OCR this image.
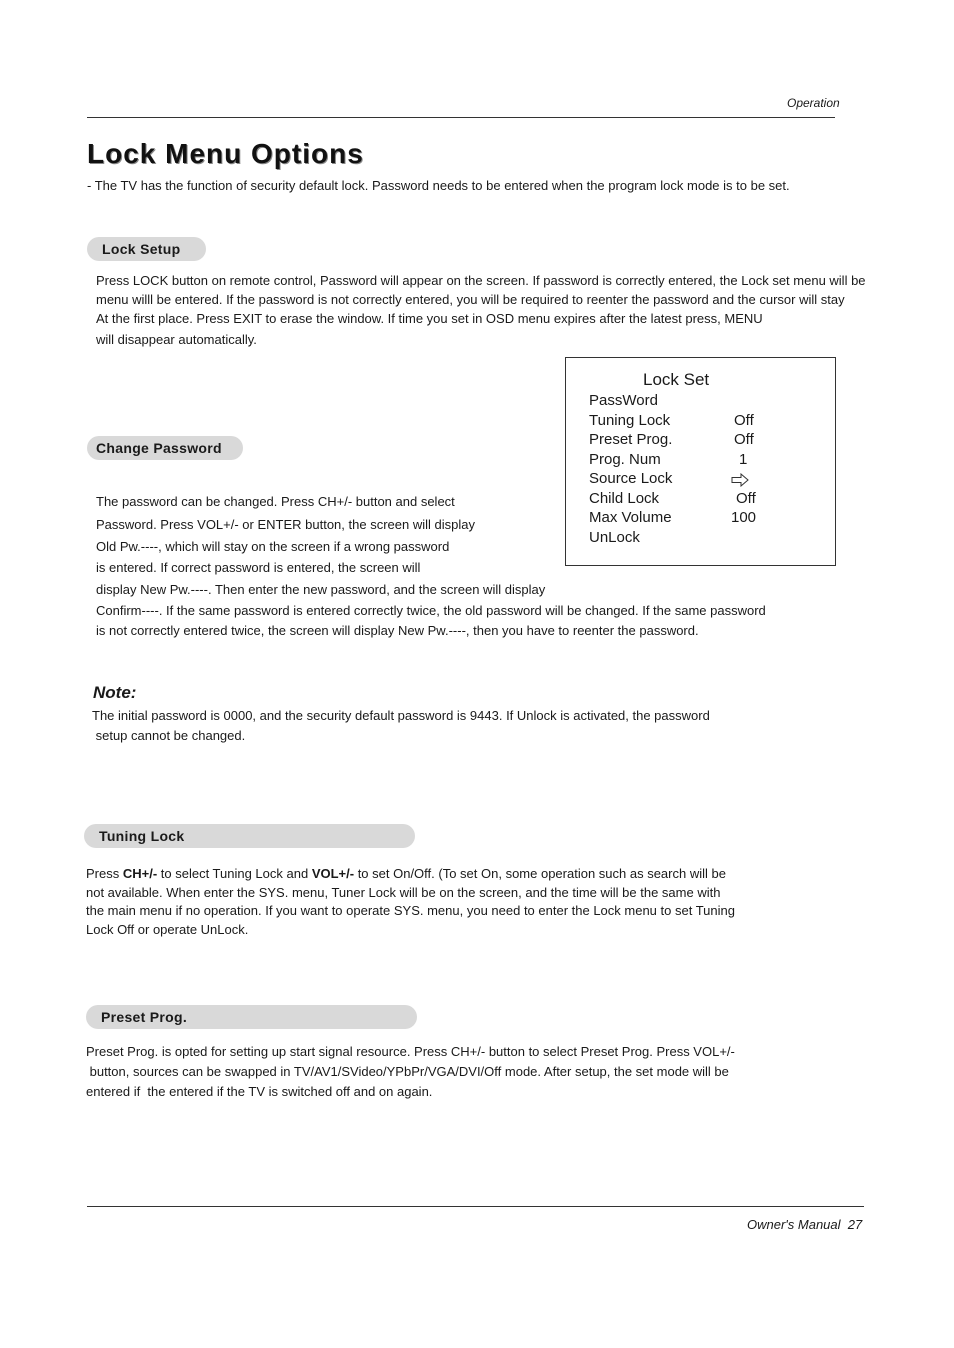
Operation
Lock Menu Options
- The TV has the function of security default lock. Password needs to be entered when the program lock mode is to be set.
Lock Setup
Press LOCK button on remote control, Password will appear on the screen. If password is correctly entered, the Lock set menu will be
menu willl be entered. If the password is not correctly entered, you will be required to reenter the password and the cursor will stay
At the first place. Press EXIT to erase the window. If time you set in OSD menu expires after the latest press, MENU
will disappear automatically.
Lock Set
PassWord
Tuning Lock	Off
Preset Prog.	Off
Prog. Num	1
Source Lock
Child Lock	Off
Max Volume	100
UnLock
Change Password
The password can be changed. Press CH+/- button and select
Password. Press VOL+/- or ENTER button, the screen will display
Old Pw.----, which will stay on the screen if a wrong password
is entered. If correct password is entered, the screen will
display New Pw.----. Then enter the new password, and the screen will display
Confirm----. If the same password is entered correctly twice, the old password will be changed. If the same password
is not correctly entered twice, the screen will display New Pw.----, then you have to reenter the password.
Note:
The initial password is 0000, and the security default password is 9443. If Unlock is activated, the password
setup cannot be changed.
Tuning Lock
Press CH+/- to select Tuning Lock and VOL+/- to set On/Off. (To set On, some operation such as search will be
not available. When enter the SYS. menu, Tuner Lock will be on the screen, and the time will be the same with
the main menu if no operation. If you want to operate SYS. menu, you need to enter the Lock menu to set Tuning
Lock Off or operate UnLock.
Preset Prog.
Preset Prog. is opted for setting up start signal resource. Press CH+/- button to select Preset Prog. Press VOL+/-
button, sources can be swapped in TV/AV1/SVideo/YPbPr/VGA/DVI/Off mode. After setup, the set mode will be
entered if  the entered if the TV is switched off and on again.
Owner's Manual  27
